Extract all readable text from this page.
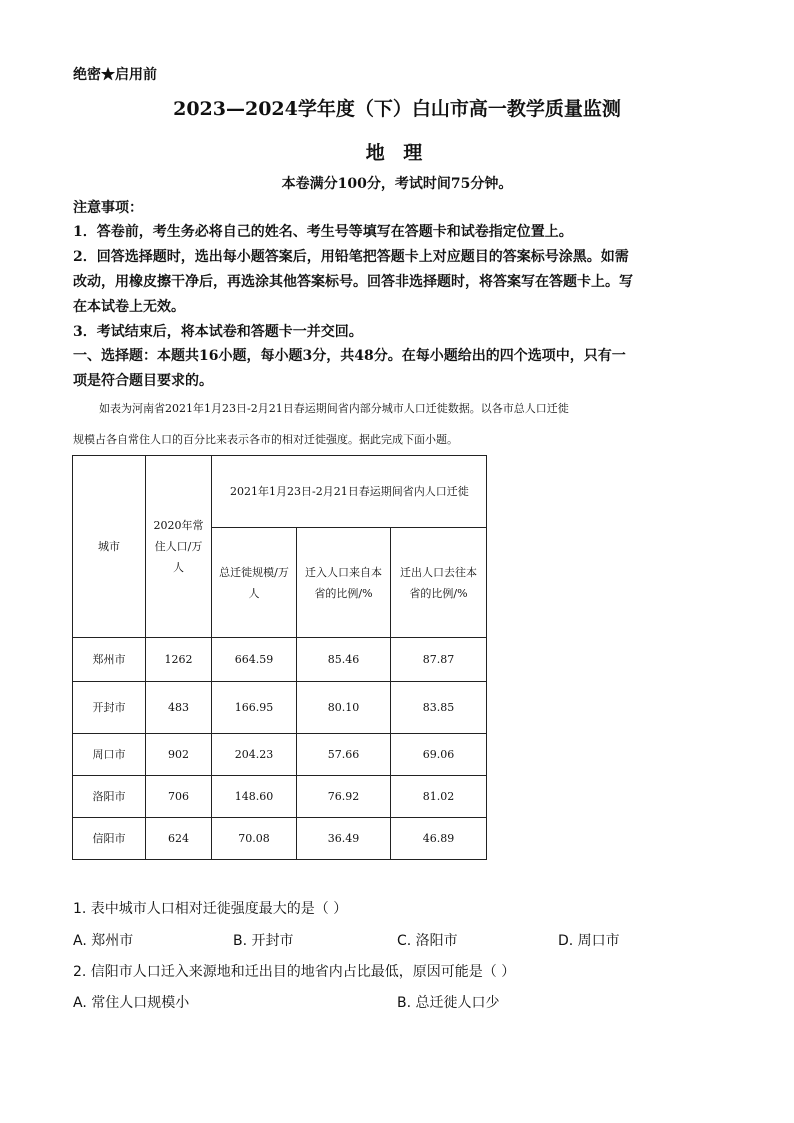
绝密★启用前
2023—2024学年度（下）白山市高一教学质量监测
地 理
本卷满分100分，考试时间75分钟。
注意事项：
1．答卷前，考生务必将自己的姓名、考生号等填写在答题卡和试卷指定位置上。
2．回答选择题时，选出每小题答案后，用铅笔把答题卡上对应题目的答案标号涂黑。如需
改动，用橡皮擦干净后，再选涂其他答案标号。回答非选择题时，将答案写在答题卡上。写
在本试卷上无效。
3．考试结束后，将本试卷和答题卡一并交回。
一、选择题：本题共16小题，每小题3分，共48分。在每小题给出的四个选项中，只有一
项是符合题目要求的。
如表为河南省2021年1月23日-2月21日春运期间省内部分城市人口迁徙数据。以各市总人口迁徙
规模占各自常住人口的百分比来表示各市的相对迁徙强度。据此完成下面小题。
城市	2020年常住人口/万人	2021年1月23日-2月21日春运期间省内人口迁徙		
		总迁徙规模/万人	迁入人口来自本省的比例/%	迁出人口去往本省的比例/%
郑州市	1262	664.59	85.46	87.87
开封市	483	166.95	80.10	83.85
周口市	902	204.23	57.66	69.06
洛阳市	706	148.60	76.92	81.02
信阳市	624	70.08	36.49	46.89
1. 表中城市人口相对迁徙强度最大的是（ ）
A. 郑州市	B. 开封市	C. 洛阳市	D. 周口市
2. 信阳市人口迁入来源地和迁出目的地省内占比最低，原因可能是（ ）
A. 常住人口规模小	B. 总迁徙人口少
